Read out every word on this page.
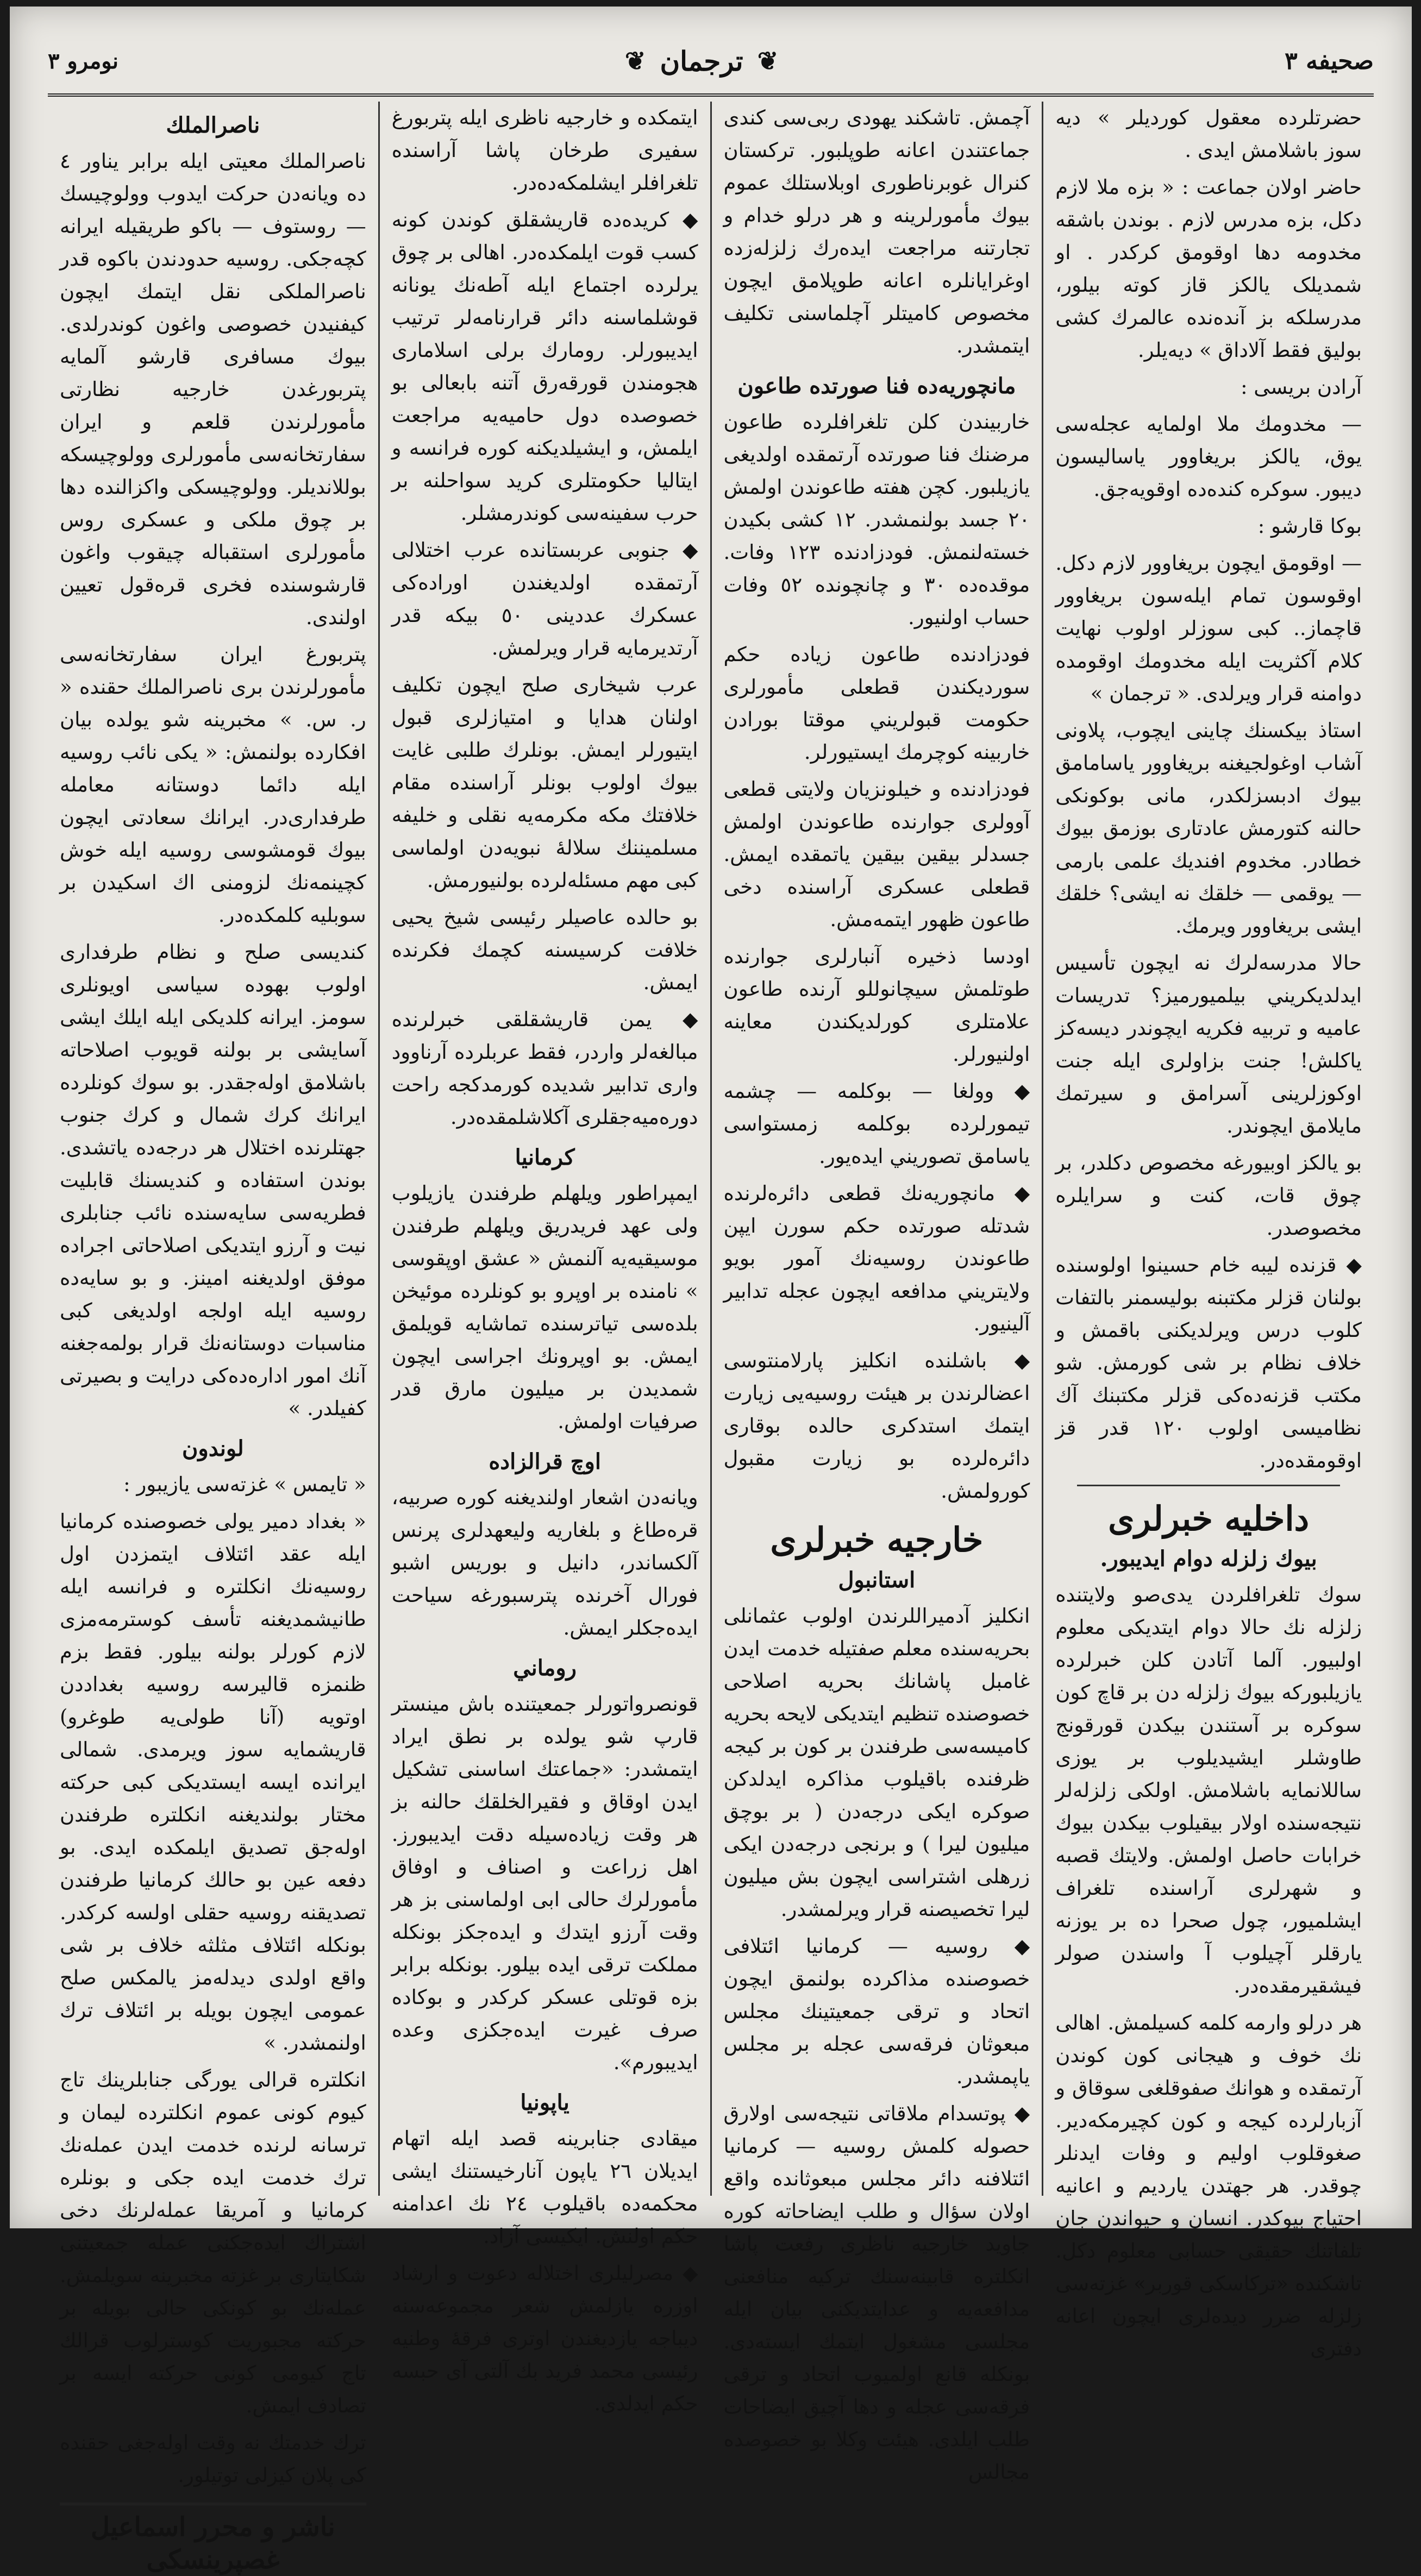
صحیفه ٣
❦
ترجمان
❦
نومرو ٣

حضرتلرده معقول کوردیلر » دیه سوز باشلامش ایدی .

حاضر اولان جماعت : « بزه ملا لازم دکل، بزه مدرس لازم . بوندن باشقه مخدومه دها اوقومق کرکدر . او شمدیلک یالکز قاز کوته بیلور، مدرسلکه بز آنده‌نده عالمرك كشى بوليق فقط آلاداق » ديه‌يلر.

آرادن بريسى :

— مخدومك ملا اولمايه عجله‌سى يوق، يالكز بريغاوور ياساليسون ديبور. سوكره كنده‌ده اوقويه‌جق.

بوكا قارشو :

— اوقومق ايچون بريغاوور لازم دكل. اوقوسون تمام ايله‌سون بريغاوور قاچماز.. كبى سوزلر اولوب نهايت كلام آكثريت ايله مخدومك اوقومده دوامنه قرار ويرلدى. « ترجمان »

استاذ بيكسنك چاينى ايچوب، پلاونى آشاب اوغولجيغنه بريغاوور ياسامامق بيوك ادبسزلكدر، مانى بوكونكى حالنه كتورمش عادتارى بوزمق بيوك خطادر. مخدوم افنديك علمى بارمى — يوقمى — خلقك نه ايشى؟ خلقك ايشى بريغاوور ويرمك.

حالا مدرسه‌لرك نه ايچون تأسيس ايدلديكريني بيلميورميز؟ تدريسات عاميه و تربيه فكريه ايچوندر ديسه‌كز ياكلش! جنت بزاولرى ايله جنت اوكوزلرينى آسرامق و سيرتمك مايلامق ايچوندر.

بو يالكز اوبيورغه مخصوص دكلدر، بر چوق قات، كنت و سرايلره مخصوصدر.

◆ قزنده ليبه خام حسينوا اولوسنده بولنان قزلر مكتبنه بوليسمنر بالتفات كلوب درس ويرلديكنى باقمش و خلاف نظام بر شى كورمش. شو مكتب قزنه‌ده‌كى قزلر مكتبنك آك نظاميسى اولوب ١٢٠ قدر قز اوقومقده‌در.

داخليه خبرلرى
بيوك زلزله دوام ايديبور.

سوك تلغرافلردن يدى‌صو ولايتنده زلزله نك حالا دوام ايتديكى معلوم اولبيور. آلما آتادن كلن خبرلرده يازيلبوركه بيوك زلزله دن بر قاچ كون سوكره بر آستندن بيكدن قورقونج طاوشلر ايشيديلوب بر يوزى ساللانمايه باشلامش. اولكى زلزله‌لر نتيجه‌سنده اولار بيقيلوب بيكدن بيوك خرابات حاصل اولمش. ولايتك قصبه و شهرلرى آراسنده تلغراف ايشلميور، چول صحرا ده بر يوزنه يارقلر آچيلوب آ واسندن صولر فيشقيرمقده‌در.

هر درلو وارمه كلمه كسيلمش. اهالى نك خوف و هيجانى كون كوندن آرتمقده و هوانك صفوقلغى سوقاق و آزبارلرده كيجه و كون كچيرمكه‌دير. صغوقلوب اوليم و وفات ايدنلر چوقدر. هر جهتدن يارديم و اعانيه احتياج بيوكدر. انسان و حيواندن جان تلفاتنك حقيقى حسابى معلوم دكل. تاشكنده «تركاسكى قوربر» غزته‌سى زلزله ضرر ديده‌لرى ايچون اعانه دفترى

آچمش. تاشكند يهودى ربى‌سى كندى جماعتندن اعانه طوپلبور. تركستان كنرال غوبرناطورى اوبلاستلك عموم بيوك مأمورلرينه و هر درلو خدام و تجارتنه مراجعت ايده‌رك زلزله‌زده اوغرايانلره اعانه طوپلامق ايچون مخصوص كاميتلر آچلماسنى تكليف ايتمشدر.

مانچوريه‌ده فنا صورتده طاعون

خاربيندن كلن تلغرافلرده طاعون مرضنك فنا صورتده آرتمقده اولديغى يازيلبور. كچن هفته طاعوندن اولمش ٢٠ جسد بولنمشدر. ١٢ كشى بكيدن خسته‌لنمش. فودزادنده ١٢٣ وفات. موقده‌ده ٣٠ و چانچونده ٥٢ وفات حساب اولنيور.

فودزادنده طاعون زياده حكم سورديكندن قطعلى مأمورلرى حكومت قبولريني موقتا بورادن خاربينه كوچرمك ايستيورلر.

فودزادنده و خيلونزيان ولايتى قطعى آوولرى جوارنده طاعوندن اولمش جسدلر بيقين بيقين ياتمقده ايمش. قطعلى عسكرى آراسنده دخى طاعون ظهور ايتمه‌مش.

اودسا ذخيره آنبارلرى جوارنده طوتلمش سيچانوللو آرنده طاعون علامتلرى كورلديكندن معاينه اولنيورلر.

◆ وولغا — بوكلمه — چشمه تيمورلرده بوكلمه زمستواسى ياسامق تصوريني ايده‌يور.

◆ مانچوريه‌نك قطعى دائره‌لرنده شدتله صورتده حكم سورن ايپن طاعوندن روسيه‌نك آمور بويو ولايتريني مدافعه ايچون عجله تدابير آلينيور.

◆ باشلنده انكليز پارلامنتوسى اعضالرندن بر هيئت روسيه‌يى زيارت ايتمك استدكرى حالده بوقارى دائره‌لرده بو زيارت مقبول كورولمش.

خارجيه خبرلرى
استانبول

انكليز آدميراللرندن اولوب عثمانلى بحريه‌سنده معلم صفتيله خدمت ايدن غامبل پاشانك بحريه اصلاحى خصوصنده تنظيم ايتديكى لايحه بحريه كاميسه‌سى طرفندن بر كون بر كيجه ظرفنده باقيلوب مذاكره ايدلدكن صوكره ايكى درجه‌دن ( بر بوچق ميليون ليرا ) و برنجى درجه‌دن ايكى زرهلى اشتراسى ايچون بش ميليون ليرا تخصيصنه قرار ويرلمشدر.

◆ روسيه — كرمانيا ائتلافى خصوصنده مذاكرده بولنمق ايچون اتحاد و ترقى جمعيتينك مجلس مبعوثان فرقه‌سى عجله بر مجلس ياپمشدر.

◆ پوتسدام ملاقاتى نتيجه‌سى اولارق حصوله كلمش روسيه — كرمانيا ائتلافنه دائر مجلس مبعوثانده واقع اولان سؤال و طلب ايضاحاته كوره جاويد خارجيه ناظرى رفعت پاشا انكلتره قابينه‌سنك تركيه منافعنى مدافعه‌يه و عدايتديكنى بيان ايله مجلسى مشغول ايتمك ايسته‌دى. بونكله قانع اولميوب اتحاد و ترقى فرقه‌سى عجله و دها آچيق ايضاحات طلب ايلدى. هيئت وكلا بو خصوصده مجالس

ايتمكده و خارجيه ناظرى ايله پتربورغ سفيرى طرخان پاشا آراسنده تلغرافلر ايشلمكه‌ده‌در.

◆ كريده‌ده قاريشقلق كوندن كونه كسب قوت ايلمكده‌در. اهالى بر چوق يرلرده اجتماع ايله آطه‌نك يونانه قوشلماسنه دائر قرارنامه‌لر ترتيب ايديبورلر. رومارك برلى اسلامارى هجومندن قورقه‌رق آتنه بابعالى بو خصوصده دول حاميه‌يه مراجعت ايلمش، و ايشيلديكنه كوره فرانسه و ايتاليا حكومتلرى كريد سواحلنه بر حرب سفينه‌سى كوندرمشلر.

◆ جنوبى عربستانده عرب اختلالى آرتمقده اولديغندن اوراده‌كى عسكرك عددينى ٥٠ بيكه قدر آرتديرمايه قرار ويرلمش.

عرب شيخارى صلح ايچون تكليف اولنان هدايا و امتيازلرى قبول ايتيورلر ايمش. بونلرك طلبى غايت بيوك اولوب بونلر آراسنده مقام خلافتك مكه مكرمه‌يه نقلى و خليفه مسلميننك سلالهٔ نبويه‌دن اولماسى كبى مهم مسئله‌لرده بولنيورمش.

بو حالده عاصيلر رئيسى شيخ يحيى خلافت كرسيسنه كچمك فكرنده ايمش.

◆ يمن قاريشقلقى خبرلرنده مبالغه‌لر واردر، فقط عربلرده آرناوود وارى تدابير شديده كورمدكجه راحت دوره‌ميه‌جقلرى آكلاشلمقده‌در.

كرمانيا

ايمپراطور ويلهلم طرفندن يازيلوب ولى عهد فريدريق ويلهلم طرفندن موسيقيه‌يه آلنمش « عشق اوپقوسى » نامنده بر اوپرو بو كونلرده موئيخن بلده‌سى تياترسنده تماشايه قويلمق ايمش. بو اوپرونك اجراسى ايچون شمديدن بر ميليون مارق قدر صرفيات اولمش.

اوچ قرالزاده

ويانه‌دن اشعار اولنديغنه كوره صربيه، قره‌طاغ و بلغاريه وليعهدلرى پرنس آلكساندر، دانيل و بوريس اشبو فورال آخرنده پترسبورغه سياحت ايده‌جكلر ايمش.

روماني

قونصرواتورلر جمعيتنده باش مينستر قارپ شو يولده بر نطق ايراد ايتمشدر: «جماعتك اساسنى تشكيل ايدن اوقاق و فقيرالخلقك حالنه بز هر وقت زياده‌سيله دقت ايديبورز. اهل زراعت و اصناف و اوفاق مأمورلرك حالى ابى اولماسنى بز هر وقت آرزو ايتدك و ايده‌جكز بونكله مملكت ترقى ايده بيلور. بونكله برابر بزه قوتلى عسكر كركدر و بوكاده صرف غيرت ايده‌جكزى وعده ايديبورم».

ياپونيا

ميقادى جنابرينه قصد ايله اتهام ايديلان ٢٦ ياپون آنارخيستنك ايشى محكمه‌ده باقيلوب ٢٤ نك اعدامنه حكم اولنش. ايكيسى آزاد.

◆ مصرليلرى اختلاله دعوت و ارشاد اوزره يازلمش شعر مجموعه‌سنه ديباجه يازديغندن اوترى فرقهٔ وطنيه رئيسى محمد فريد بك آلتى آى حبسه حكم ايدلدى.

ناصرالملك

ناصرالملك معيتى ايله برابر يناور ٤ ده ويانه‌دن حركت ايدوب وولوچيسك — روستوف — باكو طريقيله ايرانه كچه‌جكى. روسيه حدودندن باكوه قدر ناصرالملكى نقل ايتمك ايچون كيفنيدن خصوصى واغون كوندرلدى. بيوك مسافرى قارشو آلمايه پتربورغدن خارجيه نظارتى مأمورلرندن قلعم و ايران سفارتخانه‌سى مأمورلرى وولوچيسكه بوللانديلر. وولوچيسكى واكزالنده دها بر چوق ملكى و عسكرى روس مأمورلرى استقباله چيقوب واغون قارشوسنده فخرى قره‌قول تعيين اولندى.

پتربورغ ايران سفارتخانه‌سى مأمورلرندن برى ناصرالملك حقنده « ر. س. » مخبرينه شو يولده بيان افكارده بولنمش: « يكى نائب روسيه ايله دائما دوستانه معامله طرفدارى‌در. ايرانك سعادتى ايچون بيوك قومشوسى روسيه ايله خوش كچينمه‌نك لزومنى اك اسكيدن بر سوبليه كلمكده‌در.

كنديسى صلح و نظام طرفدارى اولوب بهوده سياسى اويونلرى سومز. ايرانه كلديكى ايله ايلك ايشى آسايشى بر بولنه قويوب اصلاحاته باشلامق اوله‌جقدر. بو سوك كونلرده ايرانك كرك شمال و كرك جنوب جهتلرنده اختلال هر درجه‌ده ياتشدى. بوندن استفاده و كنديسنك قابليت فطريه‌سى سايه‌سنده نائب جنابلرى نيت و آرزو ايتديكى اصلاحاتى اجراده موفق اولديغنه امينز. و بو سايه‌ده روسيه ايله اولجه اولديغى كبى مناسبات دوستانه‌نك قرار بولمه‌جغنه آنك امور اداره‌ده‌كى درايت و بصيرتى كفيلدر. »

لوندون

« تايمس » غزته‌سى يازيبور :

« بغداد دمير يولى خصوصنده كرمانيا ايله عقد ائتلاف ايتمزدن اول روسيه‌نك انكلتره و فرانسه ايله طانيشمديغنه تأسف كوسترمه‌مزى لازم كورلر بولنه بيلور. فقط بزم ظنمزه قاليرسه روسيه بغداددن اوتويه (آنا طولى‌يه طوغرو) قاريشمايه سوز ويرمدى. شمالى ايرانده ايسه ايستديكى كبى حركته مختار بولنديغنه انكلتره طرفندن اوله‌جق تصديق ايلمكده ايدى. بو دفعه عين بو حالك كرمانيا طرفندن تصديقنه روسيه حقلى اولسه كركدر. بونكله ائتلاف مثلثه خلاف بر شى واقع اولدى ديدله‌مز يالمكس صلح عمومى ايچون بويله بر ائتلاف ترك اولنمشدر. »

انكلتره قرالى يورگى جنابلرينك تاج كيوم كونى عموم انكلترده ليمان و ترسانه لرنده خدمت ايدن عمله‌نك ترك خدمت ايده جكى و بونلره كرمانيا و آمريقا عمله‌لرنك دخى اشتراك ايده‌جكنى عمله جمعيتنى شكايتارى بر غزته مخبرينه سويلمش. عمله‌نك بو كونكى حالى بويله بر حركته مجبوريت كوسترلوب قرالك تاج كيومى كونى حركته ايسه بر تصادف ايمش.

ترك خدمتك نه وقت اوله‌جغى حقنده كى پلان كيزلى توتيلور.

ناشر و محرر اسماعيل غصپرينسكى
